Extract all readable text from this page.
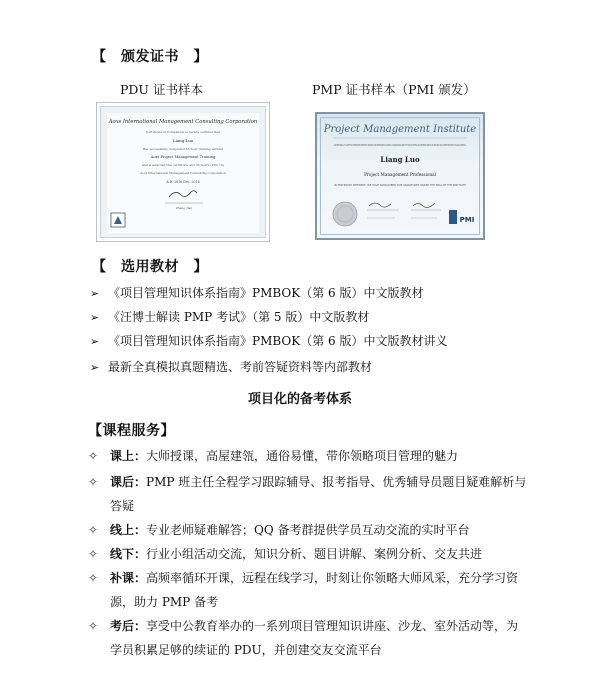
【　颁发证书　】
PDU 证书样本	PMP 证书样本（PMI 颁发）
Aoxs International Management Consulting Corporation
Certificate of Completion is hereby certified that
Liang Luo
Has successfully completed 35 hour training entitled
Aoxs Project Management Training
And is awarded this certificate and 35 hours (PDU) by
Aoxs International Management Consulting Corporation
A.D. 2016 Dec. 2016
Zhang Jian
Project Management Institute
HAS BEEN FORMALLY EVALUATED FOR DEMONSTRATED EXPERIENCE, KNOWLEDGE AND PERFORMANCE IN ACHIEVING AN ORGANIZATIONAL OBJECTIVE THROUGH DEFINING AND OVERSEEING PROJECTS AND RESOURCES AND IS HEREBY BESTOWED THE GLOBAL CREDENTIAL
Liang Luo
Project Management Professional
IN TESTIMONY WHEREOF, WE HAVE SUBSCRIBED OUR SIGNATURES UNDER THE SEAL OF THE INSTITUTE
PMI
【　选用教材　】
➢ 《项目管理知识体系指南》PMBOK（第 6 版）中文版教材
➢ 《汪博士解读 PMP 考试》（第 5 版）中文版教材
➢ 《项目管理知识体系指南》PMBOK（第 6 版）中文版教材讲义
➢ 最新全真模拟真题精选、考前答疑资料等内部教材
项目化的备考体系
【课程服务】
✧ 课上：大师授课，高屋建瓴，通俗易懂，带你领略项目管理的魅力
✧ 课后：PMP 班主任全程学习跟踪辅导、报考指导、优秀辅导员题目疑难解析与答疑
✧ 线上：专业老师疑难解答；QQ 备考群提供学员互动交流的实时平台
✧ 线下：行业小组活动交流，知识分析、题目讲解、案例分析、交友共进
✧ 补课：高频率循环开课，远程在线学习，时刻让你领略大师风采，充分学习资源，助力 PMP 备考
✧ 考后：享受中公教育举办的一系列项目管理知识讲座、沙龙、室外活动等，为学员积累足够的续证的 PDU，并创建交友交流平台
